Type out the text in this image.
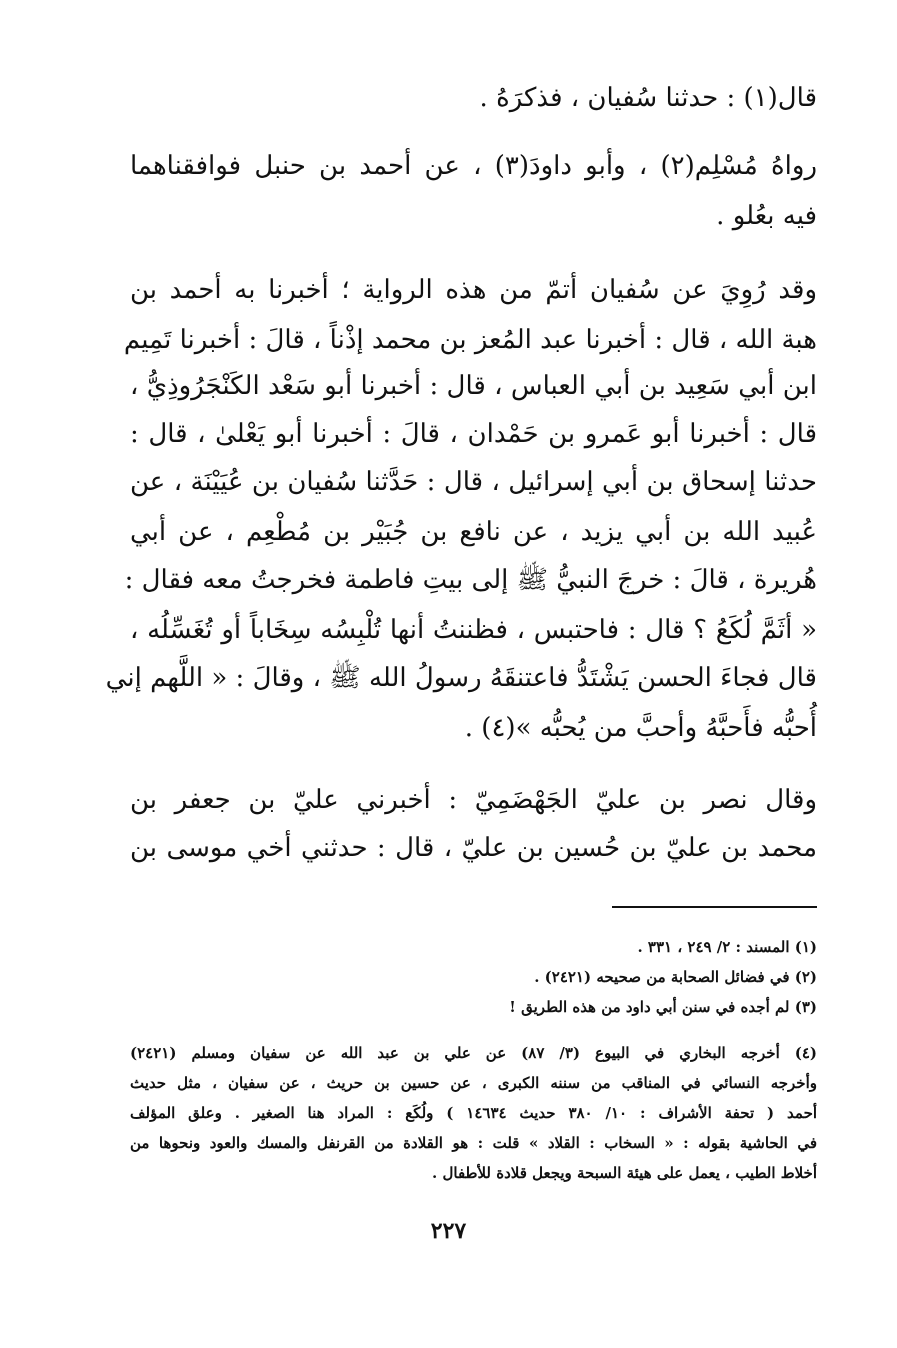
قال(١) : حدثنا سُفيان ، فذكرَهُ .
رواهُ مُسْلِم(٢) ، وأبو داودَ(٣) ، عن أحمد بن حنبل فوافقناهما
فيه بعُلو .
وقد رُوِيَ عن سُفيان أتمّ من هذه الرواية ؛ أخبرنا به أحمد بن
هبة الله ، قال : أخبرنا عبد المُعز بن محمد إذْناً ، قالَ : أخبرنا تَمِيم
ابن أبي سَعِيد بن أبي العباس ، قال : أخبرنا أبو سَعْد الكَنْجَرُوذِيُّ ،
قال : أخبرنا أبو عَمرو بن حَمْدان ، قالَ : أخبرنا أبو يَعْلىٰ ، قال :
حدثنا إسحاق بن أبي إسرائيل ، قال : حَدَّثنا سُفيان بن عُيَيْنَة ، عن
عُبيد الله بن أبي يزيد ، عن نافع بن جُبَيْر بن مُطْعِم ، عن أبي
هُريرة ، قالَ : خرجَ النبيُّ ﷺ إلى بيتِ فاطمة فخرجتُ معه فقال :
« أثَمَّ لُكَعُ ؟ قال : فاحتبس ، فظننتُ أنها تُلْبِسُه سِخَاباً أو تُغَسِّلُه ،
قال فجاءَ الحسن يَشْتَدُّ فاعتنقَهُ رسولُ الله ﷺ ، وقالَ : « اللَّهم إني
أُحبُّه فأَحبَّهُ وأحبَّ من يُحبُّه »(٤) .
وقال نصر بن عليّ الجَهْضَمِيّ : أخبرني عليّ بن جعفر بن
محمد بن عليّ بن حُسين بن عليّ ، قال : حدثني أخي موسى بن
(١) المسند : ٢/ ٢٤٩ ، ٣٣١ .
(٢) في فضائل الصحابة من صحيحه (٢٤٢١) .
(٣) لم أجده في سنن أبي داود من هذه الطريق !
(٤) أخرجه البخاري في البيوع (٣/ ٨٧) عن علي بن عبد الله عن سفيان ومسلم (٢٤٢١)
وأخرجه النسائي في المناقب من سننه الكبرى ، عن حسين بن حريث ، عن سفيان ، مثل حديث
أحمد ( تحفة الأشراف : ١٠/ ٣٨٠ حديث ١٤٦٣٤ ) ولُكَع : المراد هنا الصغير . وعلق المؤلف
في الحاشية بقوله : « السخاب : القلاد » قلت : هو القلادة من القرنفل والمسك والعود ونحوها من
أخلاط الطيب ، يعمل على هيئة السبحة ويجعل قلادة للأطفال .
٢٢٧
